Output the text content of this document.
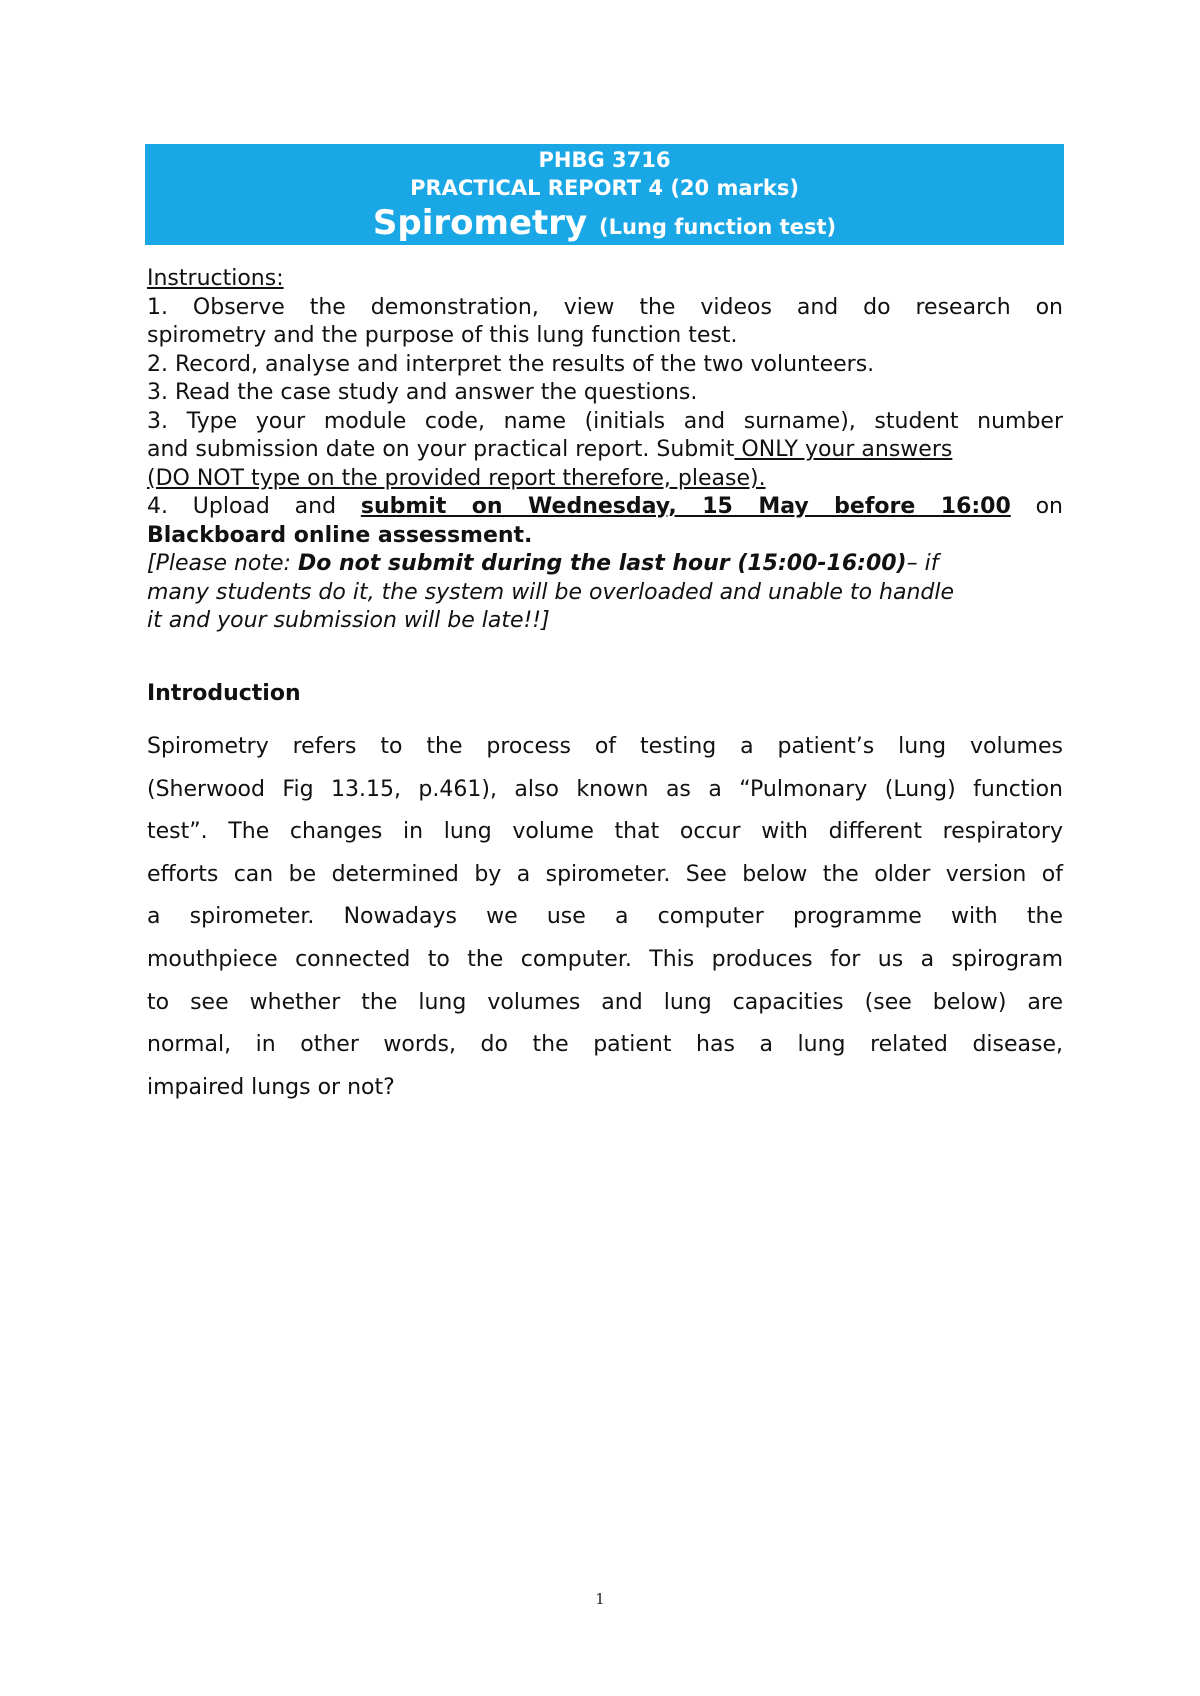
PHBG 3716
PRACTICAL REPORT 4 (20 marks)
Spirometry (Lung function test)
Instructions:
1. Observe the demonstration, view the videos and do research on
spirometry and the purpose of this lung function test.
2. Record, analyse and interpret the results of the two volunteers.
3. Read the case study and answer the questions.
3. Type your module code, name (initials and surname), student number
and submission date on your practical report. Submit ONLY your answers
(DO NOT type on the provided report therefore, please).
4. Upload and submit on Wednesday, 15 May before 16:00 on
Blackboard online assessment.
[Please note: Do not submit during the last hour (15:00-16:00)– if
many students do it, the system will be overloaded and unable to handle
it and your submission will be late!!]
Introduction
Spirometry refers to the process of testing a patient’s lung volumes
(Sherwood Fig 13.15, p.461), also known as a “Pulmonary (Lung) function
test”. The changes in lung volume that occur with different respiratory
efforts can be determined by a spirometer. See below the older version of
a spirometer. Nowadays we use a computer programme with the
mouthpiece connected to the computer. This produces for us a spirogram
to see whether the lung volumes and lung capacities (see below) are
normal, in other words, do the patient has a lung related disease,
impaired lungs or not?
1
